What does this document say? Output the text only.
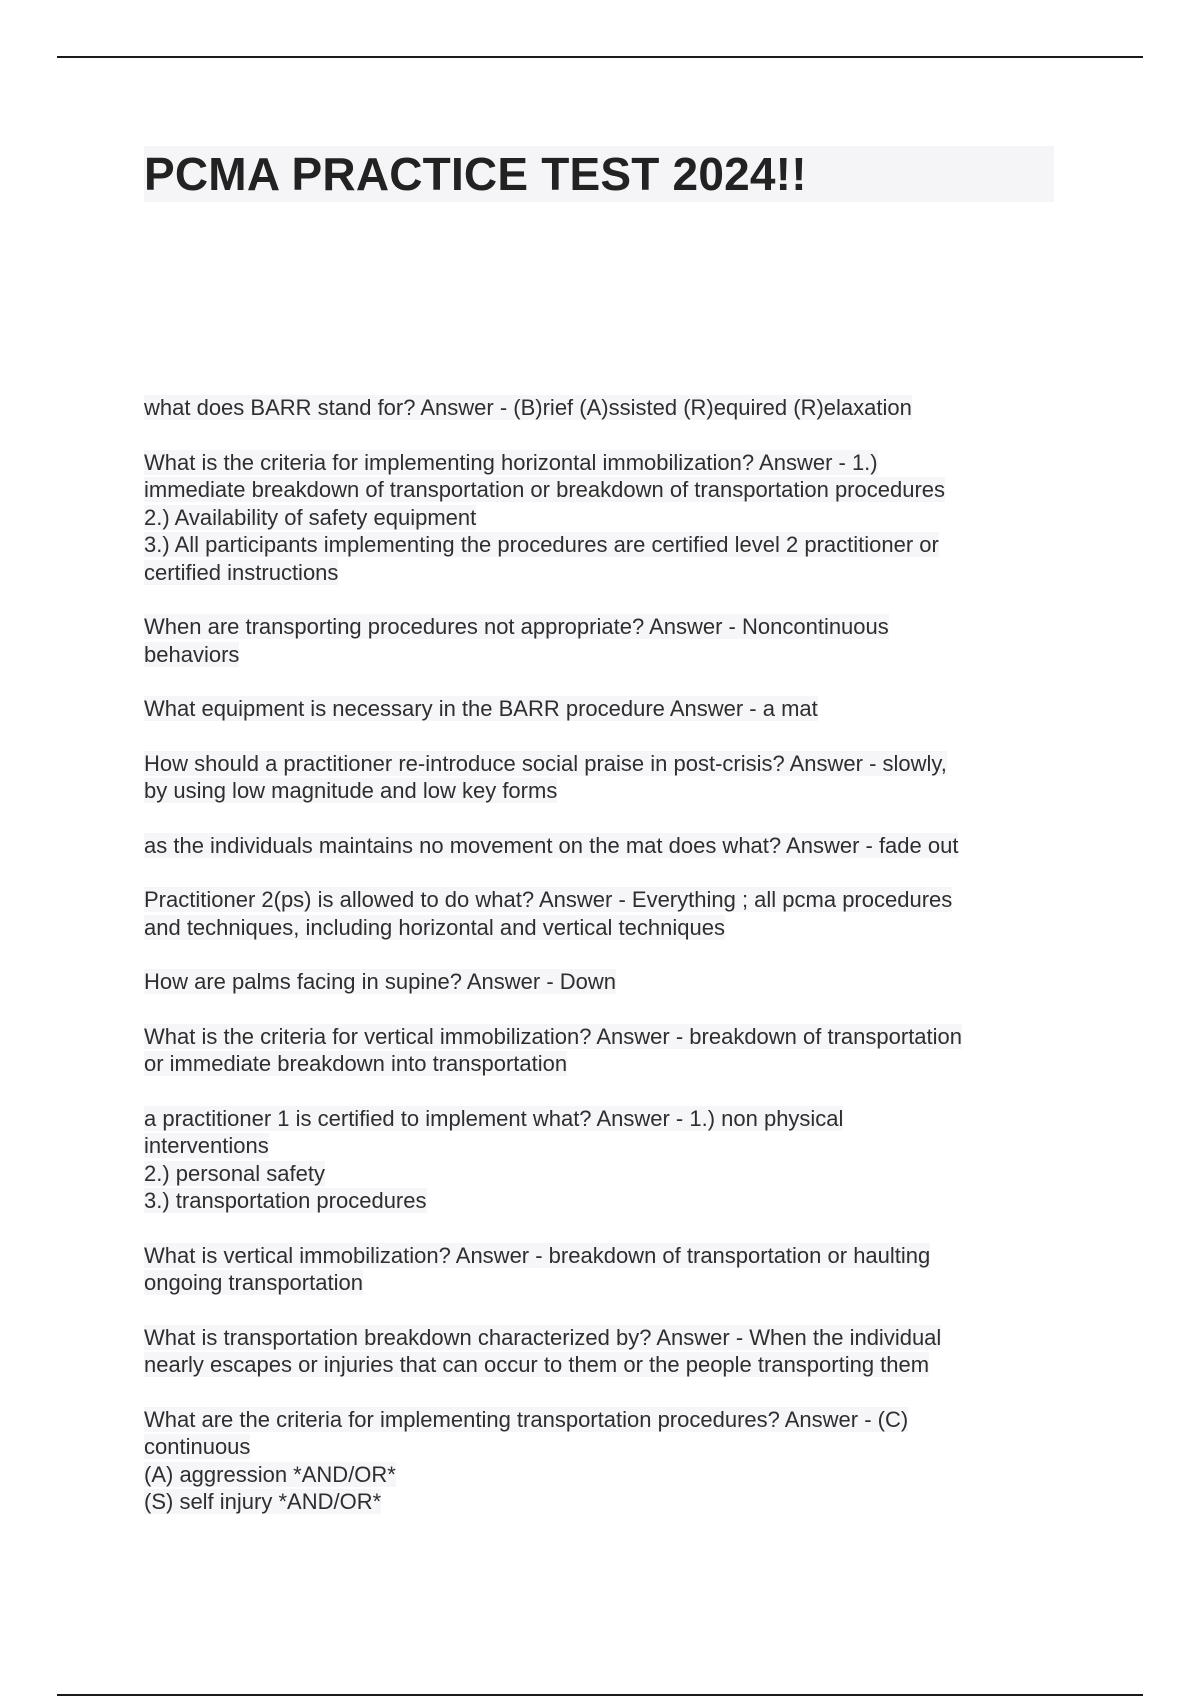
PCMA PRACTICE TEST 2024!!

what does BARR stand for? Answer - (B)rief (A)ssisted (R)equired (R)elaxation

What is the criteria for implementing horizontal immobilization? Answer - 1.)
immediate breakdown of transportation or breakdown of transportation procedures
2.) Availability of safety equipment
3.) All participants implementing the procedures are certified level 2 practitioner or
certified instructions

When are transporting procedures not appropriate? Answer - Noncontinuous
behaviors

What equipment is necessary in the BARR procedure Answer - a mat

How should a practitioner re-introduce social praise in post-crisis? Answer - slowly,
by using low magnitude and low key forms

as the individuals maintains no movement on the mat does what? Answer - fade out

Practitioner 2(ps) is allowed to do what? Answer - Everything ; all pcma procedures
and techniques, including horizontal and vertical techniques

How are palms facing in supine? Answer - Down

What is the criteria for vertical immobilization? Answer - breakdown of transportation
or immediate breakdown into transportation

a practitioner 1 is certified to implement what? Answer - 1.) non physical
interventions
2.) personal safety
3.) transportation procedures

What is vertical immobilization? Answer - breakdown of transportation or haulting
ongoing transportation

What is transportation breakdown characterized by? Answer - When the individual
nearly escapes or injuries that can occur to them or the people transporting them

What are the criteria for implementing transportation procedures? Answer - (C)
continuous
(A) aggression *AND/OR*
(S) self injury *AND/OR*
